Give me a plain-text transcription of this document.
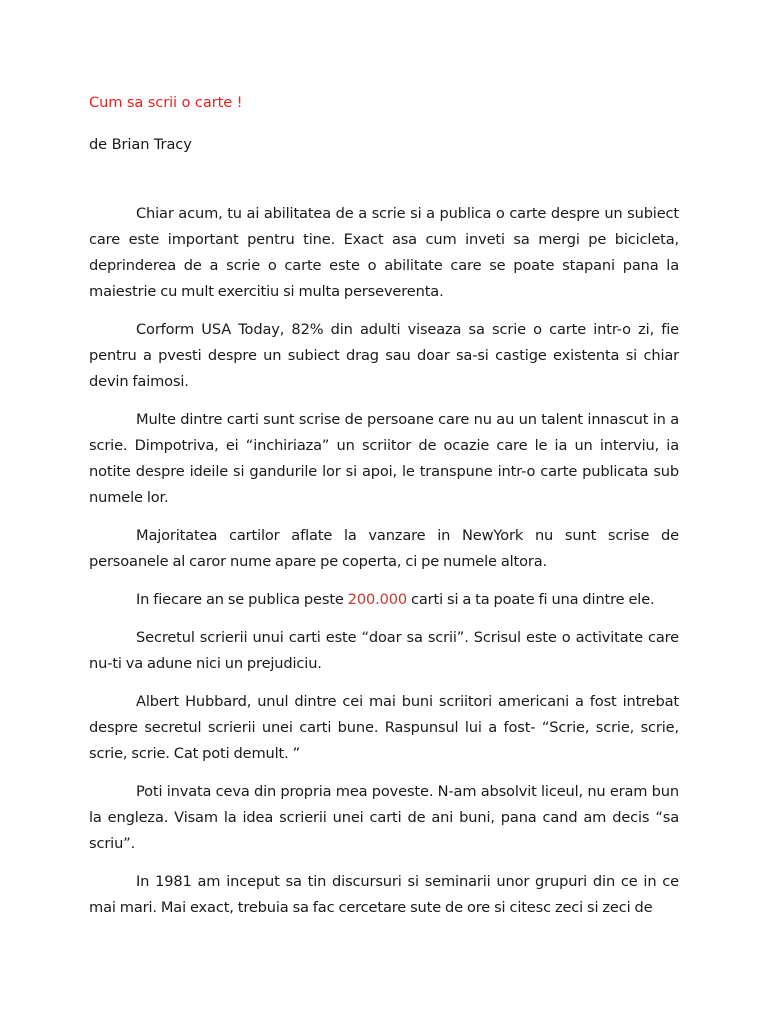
Cum sa scrii o carte !

de Brian Tracy

Chiar acum, tu ai abilitatea de a scrie si a publica o carte despre un subiect care este important pentru tine. Exact asa cum inveti sa mergi pe bicicleta, deprinderea de a scrie o carte este o abilitate care se poate stapani pana la maiestrie cu mult exercitiu si multa perseverenta.

Corform USA Today, 82% din adulti viseaza sa scrie o carte intr-o zi, fie pentru a pvesti despre un subiect drag sau doar sa-si castige existenta si chiar devin faimosi.

Multe dintre carti sunt scrise de persoane care nu au un talent innascut in a scrie. Dimpotriva, ei “inchiriaza” un scriitor de ocazie care le ia un interviu, ia notite despre ideile si gandurile lor si apoi, le transpune intr-o carte publicata sub numele lor.

Majoritatea cartilor aflate la vanzare in NewYork nu sunt scrise de persoanele al caror nume apare pe coperta, ci pe numele altora.

In fiecare an se publica peste 200.000 carti si a ta poate fi una dintre ele.

Secretul scrierii unui carti este “doar sa scrii”. Scrisul este o activitate care nu-ti va adune nici un prejudiciu.

Albert Hubbard, unul dintre cei mai buni scriitori americani a fost intrebat despre secretul scrierii unei carti bune. Raspunsul lui a fost- “Scrie, scrie, scrie, scrie, scrie. Cat poti demult. ”

Poti invata ceva din propria mea poveste. N-am absolvit liceul, nu eram bun la engleza. Visam la idea scrierii unei carti de ani buni, pana cand am decis “sa scriu”.

In 1981 am inceput sa tin discursuri si seminarii unor grupuri din ce in ce mai mari. Mai exact, trebuia sa fac cercetare sute de ore si citesc zeci si zeci de
